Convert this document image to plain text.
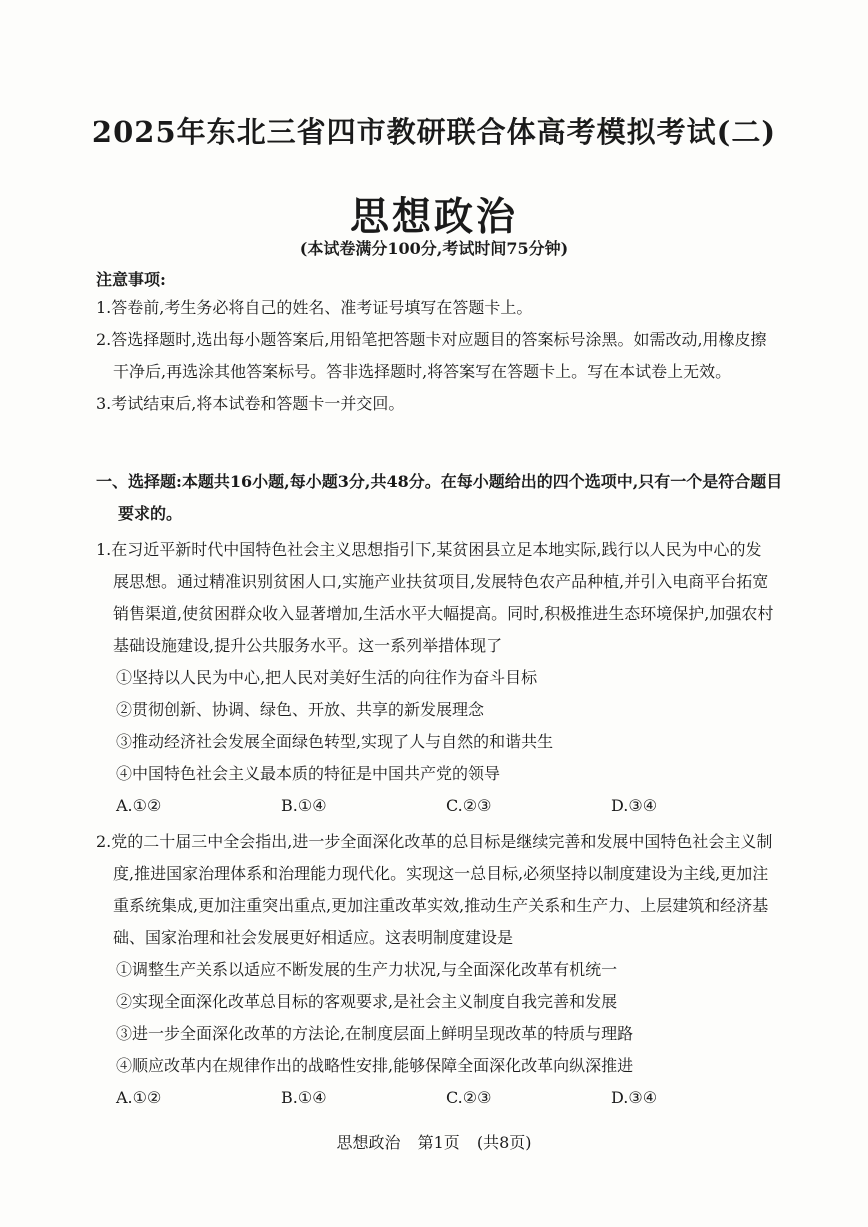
2025年东北三省四市教研联合体高考模拟考试(二)
思想政治
(本试卷满分100分,考试时间75分钟)
注意事项:
1.答卷前,考生务必将自己的姓名、准考证号填写在答题卡上。
2.答选择题时,选出每小题答案后,用铅笔把答题卡对应题目的答案标号涂黑。如需改动,用橡皮擦干净后,再选涂其他答案标号。答非选择题时,将答案写在答题卡上。写在本试卷上无效。
3.考试结束后,将本试卷和答题卡一并交回。
一、选择题:本题共16小题,每小题3分,共48分。在每小题给出的四个选项中,只有一个是符合题目要求的。
1.在习近平新时代中国特色社会主义思想指引下,某贫困县立足本地实际,践行以人民为中心的发展思想。通过精准识别贫困人口,实施产业扶贫项目,发展特色农产品种植,并引入电商平台拓宽销售渠道,使贫困群众收入显著增加,生活水平大幅提高。同时,积极推进生态环境保护,加强农村基础设施建设,提升公共服务水平。这一系列举措体现了
①坚持以人民为中心,把人民对美好生活的向往作为奋斗目标
②贯彻创新、协调、绿色、开放、共享的新发展理念
③推动经济社会发展全面绿色转型,实现了人与自然的和谐共生
④中国特色社会主义最本质的特征是中国共产党的领导
A.①②	B.①④	C.②③	D.③④
2.党的二十届三中全会指出,进一步全面深化改革的总目标是继续完善和发展中国特色社会主义制度,推进国家治理体系和治理能力现代化。实现这一总目标,必须坚持以制度建设为主线,更加注重系统集成,更加注重突出重点,更加注重改革实效,推动生产关系和生产力、上层建筑和经济基础、国家治理和社会发展更好相适应。这表明制度建设是
①调整生产关系以适应不断发展的生产力状况,与全面深化改革有机统一
②实现全面深化改革总目标的客观要求,是社会主义制度自我完善和发展
③进一步全面深化改革的方法论,在制度层面上鲜明呈现改革的特质与理路
④顺应改革内在规律作出的战略性安排,能够保障全面深化改革向纵深推进
A.①②	B.①④	C.②③	D.③④
思想政治 第1页 (共8页)
